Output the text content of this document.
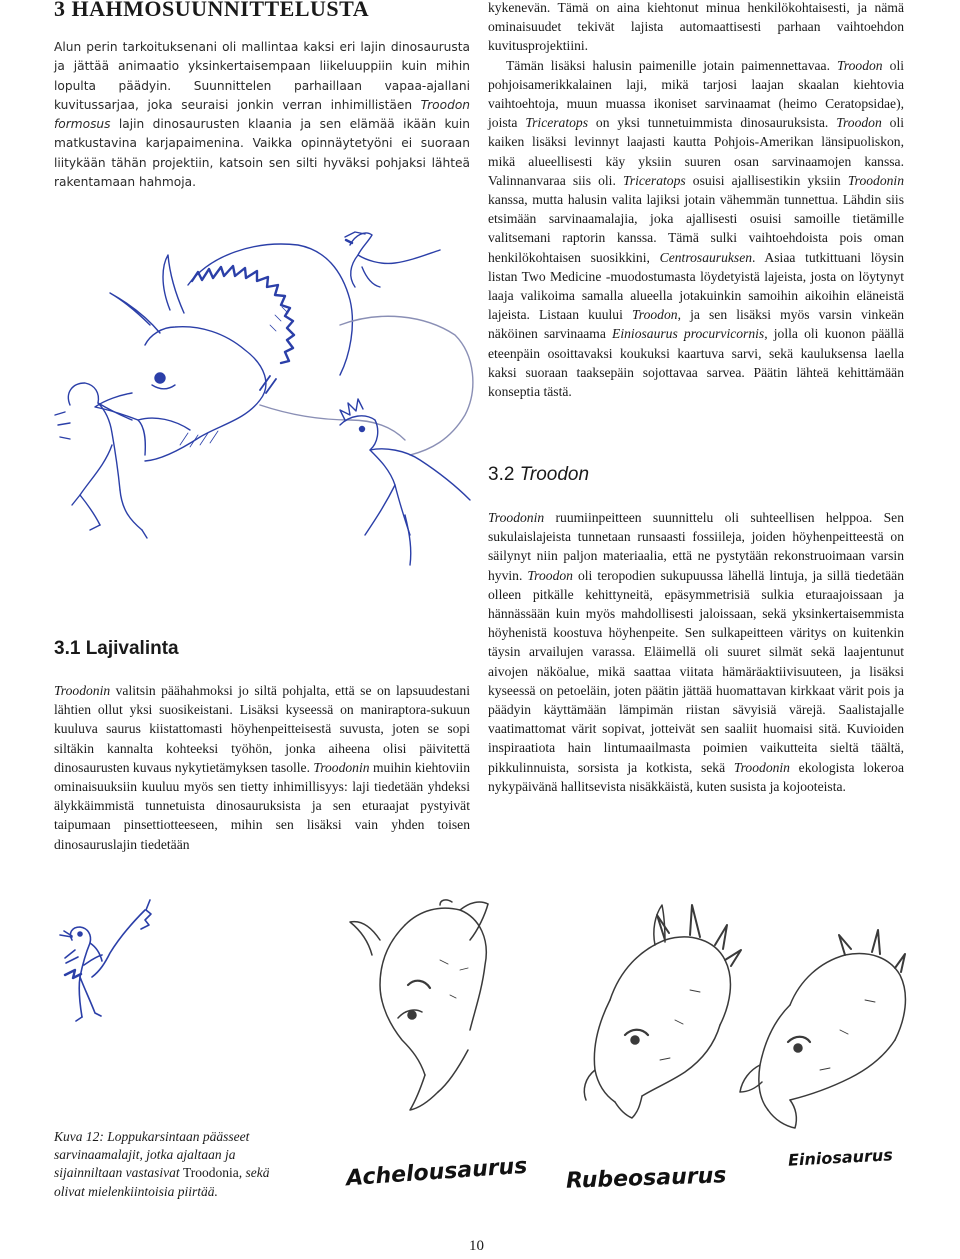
3 HAHMOSUUNNITTELUSTA
Alun perin tarkoituksenani oli mallintaa kaksi eri lajin dinosaurusta ja jättää animaatio yksinkertaisempaan liikeluuppiin kuin mihin lopulta päädyin. Suunnittelen parhaillaan vapaa-ajallani kuvitussarjaa, joka seuraisi jonkin verran inhimillistäen Troodon formosus lajin dinosaurusten klaania ja sen elämää ikään kuin matkustavina karjapaimenina. Vaikka opinnäytetyöni ei suoraan liitykään tähän projektiin, katsoin sen silti hyväksi pohjaksi lähteä rakentamaan hahmoja.
3.1 Lajivalinta
Troodonin valitsin päähahmoksi jo siltä pohjalta, että se on lapsuudestani lähtien ollut yksi suosikeistani. Lisäksi kyseessä on maniraptora-sukuun kuuluva saurus kiistattomasti höyhenpeitteisestä suvusta, joten se sopi siltäkin kannalta kohteeksi työhön, jonka aiheena olisi päivitettä dinosaurusten kuvaus nykytietämyksen tasolle. Troodonin muihin kiehtoviin ominaisuuksiin kuuluu myös sen tietty inhimillisyys: laji tiedetään yhdeksi älykkäimmistä tunnetuista dinosauruksista ja sen eturaajat pystyivät taipumaan pinsettiotteeseen, mihin sen lisäksi vain yhden toisen dinosauruslajin tiedetään

kykenevän. Tämä on aina kiehtonut minua henkilökohtaisesti, ja nämä ominaisuudet tekivät lajista automaattisesti parhaan vaihtoehdon kuvitusprojektiini.

Tämän lisäksi halusin paimenille jotain paimennettavaa. Troodon oli pohjoisamerikkalainen laji, mikä tarjosi laajan skaalan kiehtovia vaihtoehtoja, muun muassa ikoniset sarvinaamat (heimo Ceratopsidae), joista Triceratops on yksi tunnetuimmista dinosauruksista. Troodon oli kaiken lisäksi levinnyt laajasti kautta Pohjois-Amerikan länsipuoliskon, mikä alueellisesti käy yksiin suuren osan sarvinaamojen kanssa. Valinnanvaraa siis oli. Triceratops osuisi ajallisestikin yksiin Troodonin kanssa, mutta halusin valita lajiksi jotain vähemmän tunnettua. Lähdin siis etsimään sarvinaamalajia, joka ajallisesti osuisi samoille tietämille valitsemani raptorin kanssa. Tämä sulki vaihtoehdoista pois oman henkilökohtaisen suosikkini, Centrosauruksen. Asiaa tutkittuani löysin listan Two Medicine -muodostumasta löydetyistä lajeista, josta on löytynyt laaja valikoima samalla alueella jotakuinkin samoihin aikoihin eläneistä lajeista. Listaan kuului Troodon, ja sen lisäksi myös varsin vinkeän näköinen sarvinaama Einiosaurus procurvicornis, jolla oli kuonon päällä eteenpäin osoittavaksi koukuksi kaartuva sarvi, sekä kauluksensa laella kaksi suoraan taaksepäin sojottavaa sarvea. Päätin lähteä kehittämään konseptia tästä.

3.2 Troodon
Troodonin ruumiinpeitteen suunnittelu oli suhteellisen helppoa. Sen sukulaislajeista tunnetaan runsaasti fossiileja, joiden höyhenpeitteestä on säilynyt niin paljon materiaalia, että ne pystytään rekonstruoimaan varsin hyvin. Troodon oli teropodien sukupuussa lähellä lintuja, ja sillä tiedetään olleen pitkälle kehittyneitä, epäsymmetrisiä sulkia eturaajoissaan ja hännässään kuin myös mahdollisesti jaloissaan, sekä yksinkertaisemmista höyhenistä koostuva höyhenpeite. Sen sulkapeitteen väritys on kuitenkin täysin arvailujen varassa. Eläimellä oli suuret silmät sekä laajentunut aivojen näköalue, mikä saattaa viitata hämäräaktiivisuuteen, ja lisäksi kyseessä on petoeläin, joten päätin jättää huomattavan kirkkaat värit pois ja päädyin käyttämään lämpimän riistan sävyisiä värejä. Saalistajalle vaatimattomat värit sopivat, jotteivät sen saaliit huomaisi sitä. Kuvioiden inspiraatiota hain lintumaailmasta poimien vaikutteita sieltä täältä, pikkulinnuista, sorsista ja kotkista, sekä Troodonin ekologista lokeroa nykypäivänä hallitsevista nisäkkäistä, kuten susista ja kojooteista.
Kuva 12: Loppukarsintaan päässeet sarvinaamalajit, jotka ajaltaan ja sijainniltaan vastasivat Troodonia, sekä olivat mielenkiintoisia piirtää.	Achelousaurus Rubeosaurus
Einiosaurus
10
